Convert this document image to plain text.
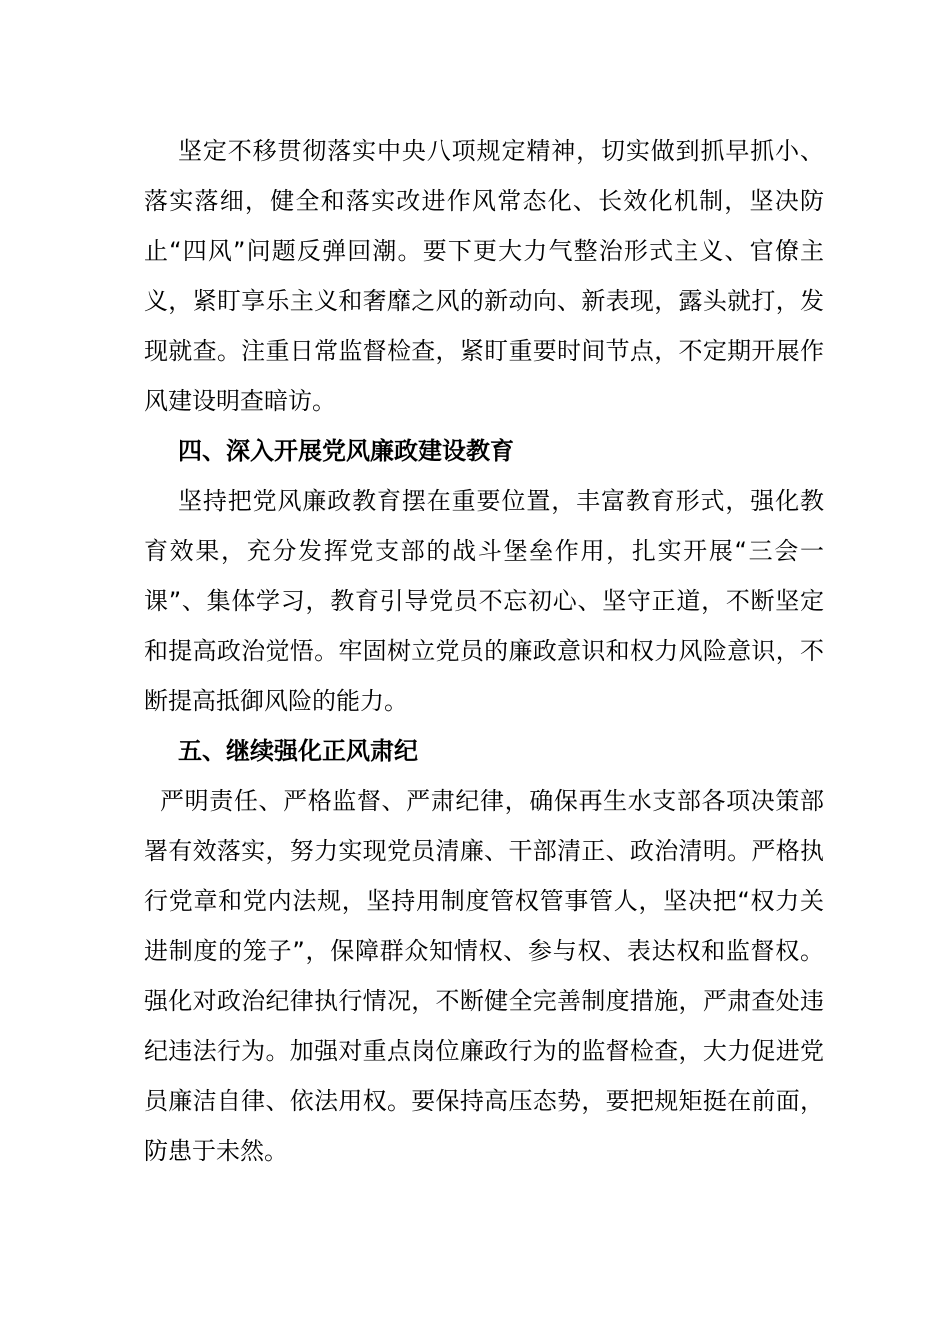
坚定不移贯彻落实中央八项规定精神，切实做到抓早抓小、落实落细，健全和落实改进作风常态化、长效化机制，坚决防止“四风”问题反弹回潮。要下更大力气整治形式主义、官僚主义，紧盯享乐主义和奢靡之风的新动向、新表现，露头就打，发现就查。注重日常监督检查，紧盯重要时间节点，不定期开展作风建设明查暗访。

四、深入开展党风廉政建设教育

坚持把党风廉政教育摆在重要位置，丰富教育形式，强化教育效果，充分发挥党支部的战斗堡垒作用，扎实开展“三会一课”、集体学习，教育引导党员不忘初心、坚守正道，不断坚定和提高政治觉悟。牢固树立党员的廉政意识和权力风险意识，不断提高抵御风险的能力。

五、继续强化正风肃纪

严明责任、严格监督、严肃纪律，确保再生水支部各项决策部署有效落实，努力实现党员清廉、干部清正、政治清明。严格执行党章和党内法规，坚持用制度管权管事管人，坚决把“权力关进制度的笼子”，保障群众知情权、参与权、表达权和监督权。强化对政治纪律执行情况，不断健全完善制度措施，严肃查处违纪违法行为。加强对重点岗位廉政行为的监督检查，大力促进党员廉洁自律、依法用权。要保持高压态势，要把规矩挺在前面，防患于未然。
